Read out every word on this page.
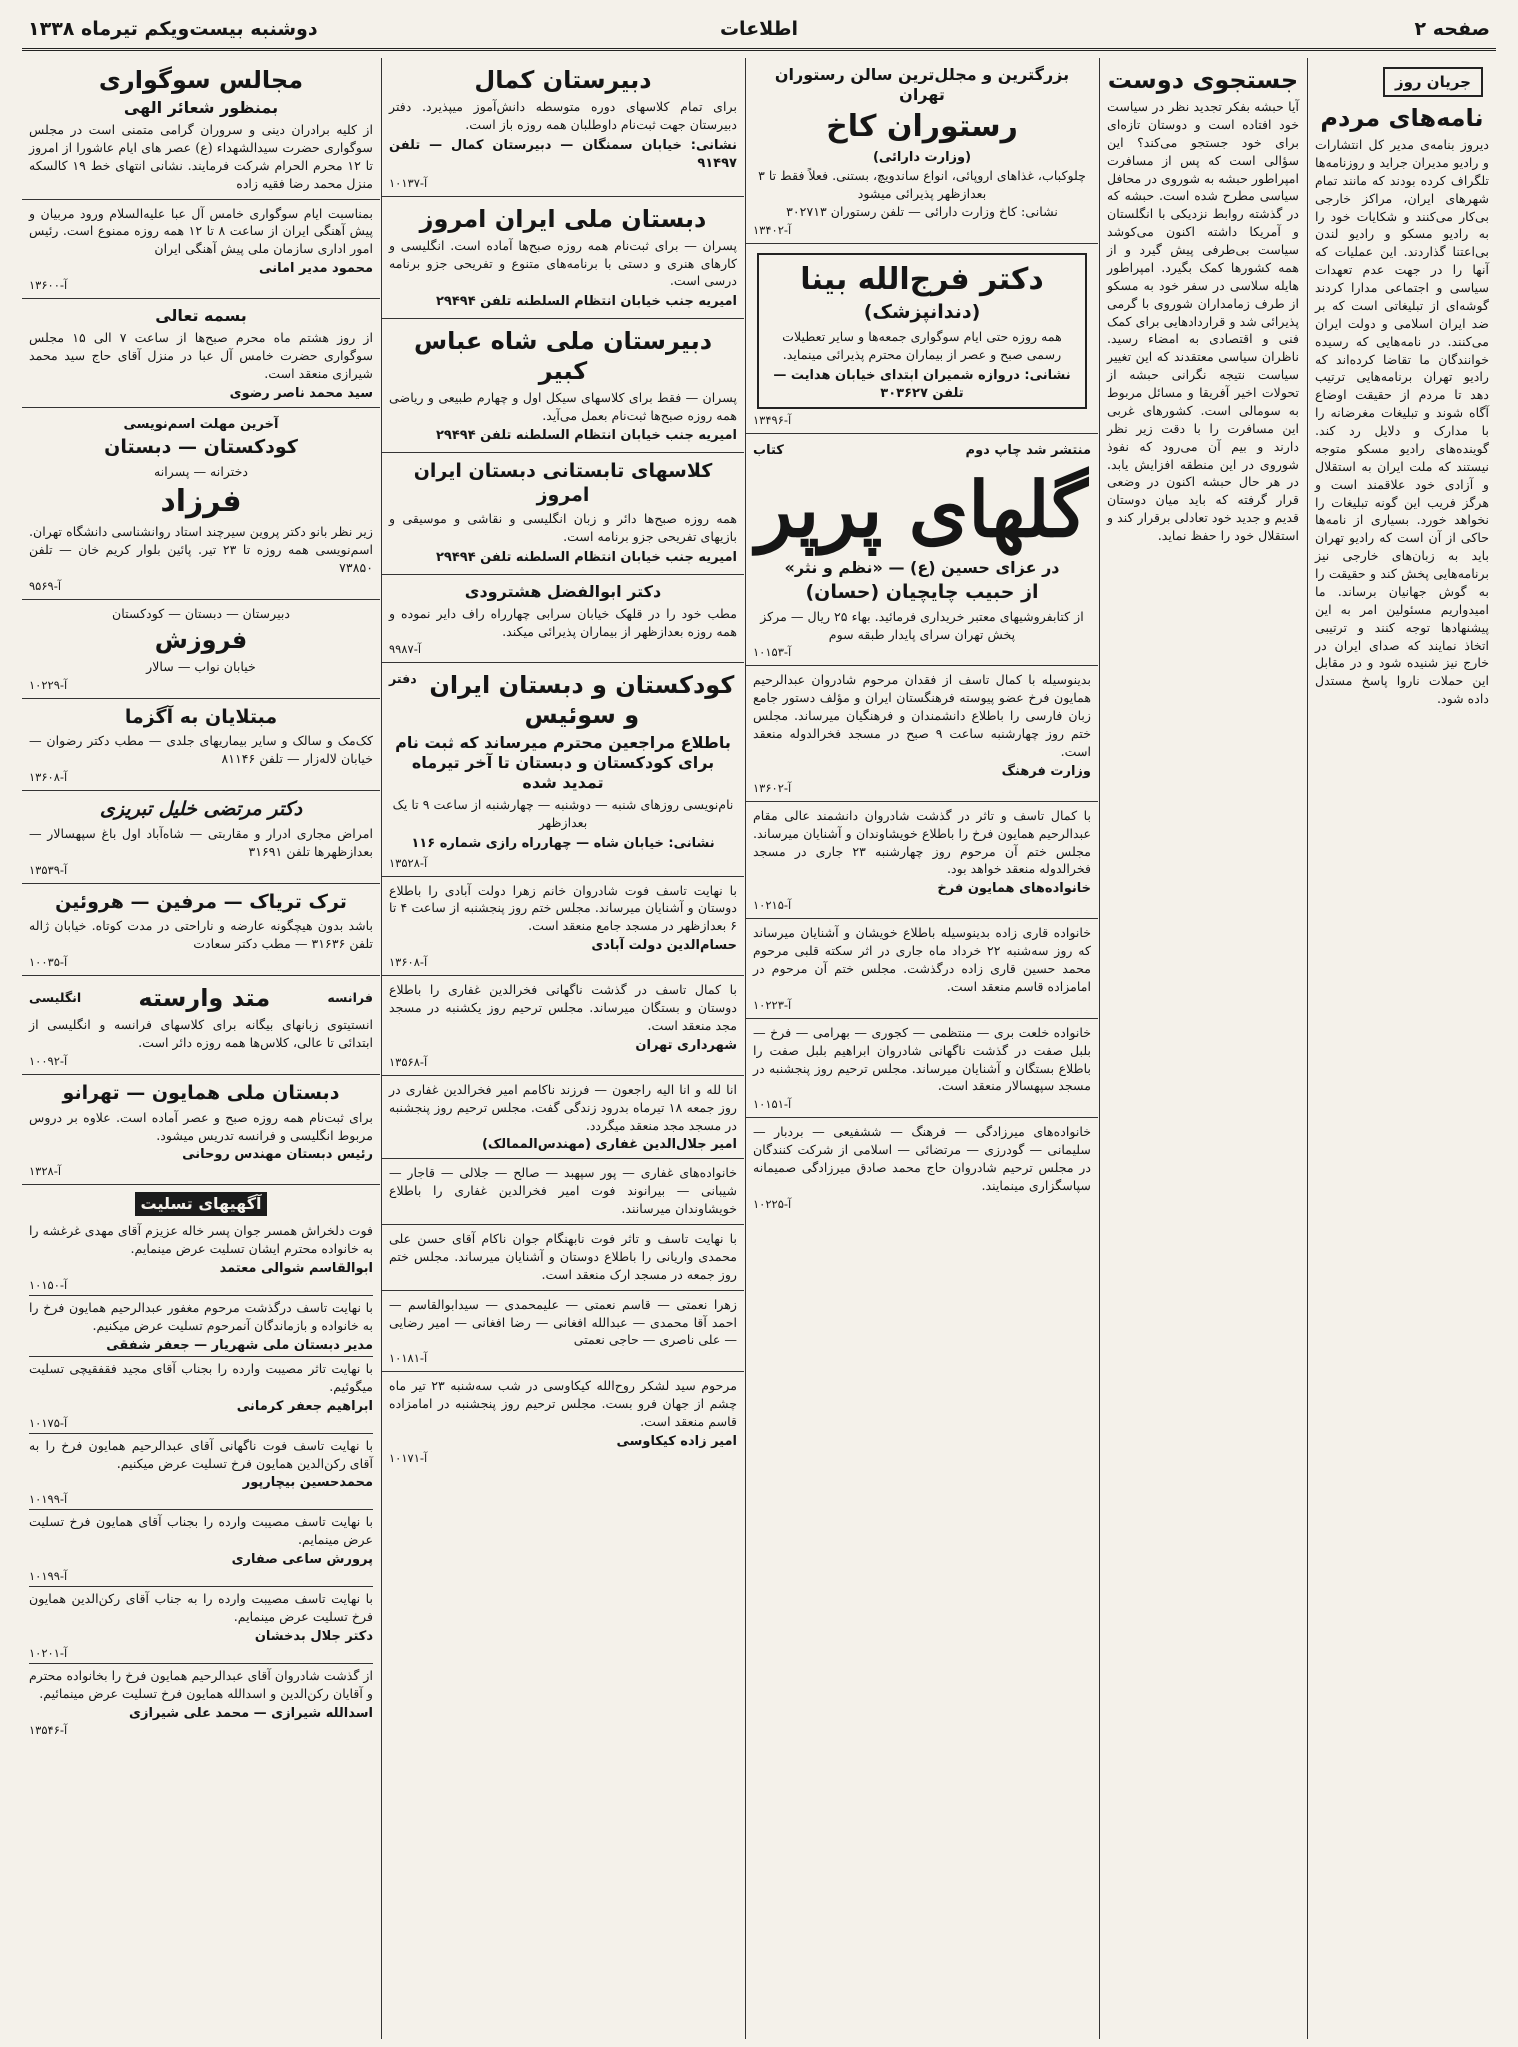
صفحه ۲
اطلاعات
دوشنبه بیست‌ویکم تیرماه ۱۳۳۸
جریان روز
نامه‌های مردم
دیروز بنامه‌ی مدیر کل انتشارات و رادیو مدیران جراید و روزنامه‌ها تلگراف کرده بودند که مانند تمام شهرهای ایران، مراکز خارجی بی‌کار می‌کنند و شکایات خود را به رادیو مسکو و رادیو لندن بی‌اعتنا گذاردند. این عملیات که آنها را در جهت عدم تعهدات سیاسی و اجتماعی مدارا کردند گوشه‌ای از تبلیغاتی است که بر ضد ایران اسلامی و دولت ایران می‌کنند. در نامه‌هایی که رسیده خوانندگان ما تقاضا کرده‌اند که رادیو تهران برنامه‌هایی ترتیب دهد تا مردم از حقیقت اوضاع آگاه شوند و تبلیغات مغرضانه را با مدارک و دلایل رد کند. گوینده‌های رادیو مسکو متوجه نیستند که ملت ایران به استقلال و آزادی خود علاقمند است و هرگز فریب این گونه تبلیغات را نخواهد خورد. بسیاری از نامه‌ها حاکی از آن است که رادیو تهران باید به زبان‌های خارجی نیز برنامه‌هایی پخش کند و حقیقت را به گوش جهانیان برساند. ما امیدواریم مسئولین امر به این پیشنهادها توجه کنند و ترتیبی اتخاذ نمایند که صدای ایران در خارج نیز شنیده شود و در مقابل این حملات ناروا پاسخ مستدل داده شود.
جستجوی دوست
آیا حبشه بفکر تجدید نظر در سیاست خود افتاده است و دوستان تازه‌ای برای خود جستجو می‌کند؟ این سؤالی است که پس از مسافرت امپراطور حبشه به شوروی در محافل سیاسی مطرح شده است. حبشه که در گذشته روابط نزدیکی با انگلستان و آمریکا داشته اکنون می‌کوشد سیاست بی‌طرفی پیش گیرد و از همه کشورها کمک بگیرد. امپراطور هایله سلاسی در سفر خود به مسکو از طرف زمامداران شوروی با گرمی پذیرائی شد و قراردادهایی برای کمک فنی و اقتصادی به امضاء رسید. ناظران سیاسی معتقدند که این تغییر سیاست نتیجه نگرانی حبشه از تحولات اخیر آفریقا و مسائل مربوط به سومالی است. کشورهای غربی این مسافرت را با دقت زیر نظر دارند و بیم آن می‌رود که نفوذ شوروی در این منطقه افزایش یابد. در هر حال حبشه اکنون در وضعی قرار گرفته که باید میان دوستان قدیم و جدید خود تعادلی برقرار کند و استقلال خود را حفظ نماید.
بزرگترین و مجلل‌ترین سالن رستوران تهران
رستوران کاخ
(وزارت دارائی)
چلوکباب، غذاهای اروپائی، انواع ساندویچ، بستنی. فعلاً فقط تا ۳ بعدازظهر پذیرائی میشود
نشانی: کاخ وزارت دارائی — تلفن رستوران ۳۰۲۷۱۳
آ-۱۳۴۰۲
دکتر فرج‌الله بینا
(دندانپزشک)
همه روزه حتی ایام سوگواری جمعه‌ها و سایر تعطیلات رسمی صبح و عصر از بیماران محترم پذیرائی مینماید.
نشانی: دروازه شمیران ابتدای خیابان هدایت — تلفن ۳۰۳۶۲۷
آ-۱۳۴۹۶
منتشر شد چاپ دوم
کتاب
گلهای پرپر
در عزای حسین (ع) — «نظم و نثر»
از حبیب چایچیان (حسان)
از کتابفروشیهای معتبر خریداری فرمائید. بهاء ۲۵ ریال — مرکز پخش تهران سرای پایدار طبقه سوم
آ-۱۰۱۵۳
بدینوسیله با کمال تاسف از فقدان مرحوم شادروان عبدالرحیم همایون فرخ عضو پیوسته فرهنگستان ایران و مؤلف دستور جامع زبان فارسی را باطلاع دانشمندان و فرهنگیان میرساند. مجلس ختم روز چهارشنبه ساعت ۹ صبح در مسجد فخرالدوله منعقد است.
وزارت فرهنگ
آ-۱۳۶۰۲
با کمال تاسف و تاثر در گذشت شادروان دانشمند عالی مقام عبدالرحیم همایون فرخ را باطلاع خویشاوندان و آشنایان میرساند. مجلس ختم آن مرحوم روز چهارشنبه ۲۳ جاری در مسجد فخرالدوله منعقد خواهد بود.
خانواده‌های همایون فرخ
آ-۱۰۲۱۵
خانواده قاری زاده بدینوسیله باطلاع خویشان و آشنایان میرساند که روز سه‌شنبه ۲۲ خرداد ماه جاری در اثر سکته قلبی مرحوم محمد حسین قاری زاده درگذشت. مجلس ختم آن مرحوم در امامزاده قاسم منعقد است.
آ-۱۰۲۲۳
خانواده خلعت بری — منتظمی — کجوری — بهرامی — فرخ — بلبل صفت در گذشت ناگهانی شادروان ابراهیم بلبل صفت را باطلاع بستگان و آشنایان میرساند. مجلس ترحیم روز پنجشنبه در مسجد سپهسالار منعقد است.
آ-۱۰۱۵۱
خانواده‌های میرزادگی — فرهنگ — ششفیعی — بردبار — سلیمانی — گودرزی — مرتضائی — اسلامی از شرکت کنندگان در مجلس ترحیم شادروان حاج محمد صادق میرزادگی صمیمانه سپاسگزاری مینمایند.
آ-۱۰۲۲۵
دبیرستان کمال
برای تمام کلاسهای دوره متوسطه دانش‌آموز میپذیرد. دفتر دبیرستان جهت ثبت‌نام داوطلبان همه روزه باز است.
نشانی: خیابان سمنگان — دبیرستان کمال — تلفن ۹۱۴۹۷
آ-۱۰۱۳۷
دبستان ملی ایران امروز
پسران — برای ثبت‌نام همه روزه صبح‌ها آماده است. انگلیسی و کارهای هنری و دستی با برنامه‌های متنوع و تفریحی جزو برنامه درسی است.
امیریه جنب خیابان انتظام السلطنه تلفن ۲۹۴۹۴
دبیرستان ملی شاه عباس کبیر
پسران — فقط برای کلاسهای سیکل اول و چهارم طبیعی و ریاضی همه روزه صبح‌ها ثبت‌نام بعمل می‌آید.
امیریه جنب خیابان انتظام السلطنه تلفن ۲۹۴۹۴
کلاسهای تابستانی دبستان ایران امروز
همه روزه صبح‌ها دائر و زبان انگلیسی و نقاشی و موسیقی و بازیهای تفریحی جزو برنامه است.
امیریه جنب خیابان انتظام السلطنه تلفن ۲۹۴۹۴
دکتر ابوالفضل هشترودی
مطب خود را در قلهک خیابان سرابی چهارراه راف دایر نموده و همه روزه بعدازظهر از بیماران پذیرائی میکند.
آ-۹۹۸۷
کودکستان و دبستان ایران و سوئیس
دفتر
باطلاع مراجعین محترم میرساند که ثبت نام برای کودکستان و دبستان تا آخر تیرماه تمدید شده
نام‌نویسی روزهای شنبه — دوشنبه — چهارشنبه از ساعت ۹ تا یک بعدازظهر
نشانی: خیابان شاه — چهارراه رازی شماره ۱۱۶
آ-۱۳۵۲۸
با نهایت تاسف فوت شادروان خانم زهرا دولت آبادی را باطلاع دوستان و آشنایان میرساند. مجلس ختم روز پنجشنبه از ساعت ۴ تا ۶ بعدازظهر در مسجد جامع منعقد است.
حسام‌الدین دولت آبادی
آ-۱۳۶۰۸
با کمال تاسف در گذشت ناگهانی فخرالدین غفاری را باطلاع دوستان و بستگان میرساند. مجلس ترحیم روز یکشنبه در مسجد مجد منعقد است.
شهرداری تهران
آ-۱۳۵۶۸
انا لله و انا الیه راجعون — فرزند ناکامم امیر فخرالدین غفاری در روز جمعه ۱۸ تیرماه بدرود زندگی گفت. مجلس ترحیم روز پنجشنبه در مسجد مجد منعقد میگردد.
امیر جلال‌الدین غفاری (مهندس‌الممالک)
خانواده‌های غفاری — پور سپهبد — صالح — جلالی — قاجار — شیبانی — بیرانوند فوت امیر فخرالدین غفاری را باطلاع خویشاوندان میرسانند.
با نهایت تاسف و تاثر فوت نابهنگام جوان ناکام آقای حسن علی محمدی واریانی را باطلاع دوستان و آشنایان میرساند. مجلس ختم روز جمعه در مسجد ارک منعقد است.
زهرا نعمتی — قاسم نعمتی — علیمحمدی — سیدابوالقاسم — احمد آقا محمدی — عبدالله افغانی — رضا افغانی — امیر رضایی — علی ناصری — حاجی نعمتی
آ-۱۰۱۸۱
مرحوم سید لشکر روح‌الله کیکاوسی در شب سه‌شنبه ۲۳ تیر ماه چشم از جهان فرو بست. مجلس ترحیم روز پنجشنبه در امامزاده قاسم منعقد است.
امیر زاده کیکاوسی
آ-۱۰۱۷۱
مجالس سوگواری
بمنظور شعائر الهی
از کلیه برادران دینی و سروران گرامی متمنی است در مجلس سوگواری حضرت سیدالشهداء (ع) عصر های ایام عاشورا از امروز تا ۱۲ محرم الحرام شرکت فرمایند. نشانی انتهای خط ۱۹ کالسکه منزل محمد رضا فقیه زاده
بمناسبت ایام سوگواری خامس آل عبا علیه‌السلام ورود مربیان و پیش آهنگی ایران از ساعت ۸ تا ۱۲ همه روزه ممنوع است. رئیس امور اداری سازمان ملی پیش آهنگی ایران
محمود مدیر امانی
آ-۱۳۶۰۰
بسمه تعالی
از روز هشتم ماه محرم صبح‌ها از ساعت ۷ الی ۱۵ مجلس سوگواری حضرت خامس آل عبا در منزل آقای حاج سید محمد شیرازی منعقد است.
سید محمد ناصر رضوی
آخرین مهلت اسم‌نویسی
کودکستان — دبستان
دخترانه — پسرانه
فرزاد
زیر نظر بانو دکتر پروین سیرچند استاد روانشناسی دانشگاه تهران. اسم‌نویسی همه روزه تا ۲۳ تیر. پائین بلوار کریم خان — تلفن ۷۳۸۵۰
آ-۹۵۶۹
دبیرستان — دبستان — کودکستان
فروزش
خیابان نواب — سالار
آ-۱۰۲۲۹
مبتلایان به آگزما
کک‌مک و سالک و سایر بیماریهای جلدی — مطب دکتر رضوان — خیابان لاله‌زار — تلفن ۸۱۱۴۶
آ-۱۳۶۰۸
دکتر مرتضی خلیل تبریزی
امراض مجاری ادرار و مقاربتی — شاه‌آباد اول باغ سپهسالار — بعدازظهرها تلفن ۳۱۶۹۱
آ-۱۳۵۳۹
ترک تریاک — مرفین — هروئین
باشد بدون هیچگونه عارضه و ناراحتی در مدت کوتاه. خیابان ژاله تلفن ۳۱۶۳۶ — مطب دکتر سعادت
آ-۱۰۰۳۵
فرانسه
متد وارسته
انگلیسی
انستیتوی زبانهای بیگانه برای کلاسهای فرانسه و انگلیسی از ابتدائی تا عالی، کلاس‌ها همه روزه دائر است.
آ-۱۰۰۹۲
دبستان ملی همایون — تهرانو
برای ثبت‌نام همه روزه صبح و عصر آماده است. علاوه بر دروس مربوط انگلیسی و فرانسه تدریس میشود.
رئیس دبستان مهندس روحانی
آ-۱۳۲۸
آگهیهای تسلیت
فوت دلخراش همسر جوان پسر خاله عزیزم آقای مهدی غرغشه را به خانواده محترم ایشان تسلیت عرض مینمایم.
ابوالقاسم شوالی معتمد
آ-۱۰۱۵۰
با نهایت تاسف درگذشت مرحوم مغفور عبدالرحیم همایون فرخ را به خانواده و بازماندگان آنمرحوم تسلیت عرض میکنیم.
مدیر دبستان ملی شهریار — جعفر شفقی
با نهایت تاثر مصیبت وارده را بجناب آقای مجید فقفقیچی تسلیت میگوئیم.
ابراهیم جعفر کرمانی
آ-۱۰۱۷۵
با نهایت تاسف فوت ناگهانی آقای عبدالرحیم همایون فرخ را به آقای رکن‌الدین همایون فرخ تسلیت عرض میکنیم.
محمدحسین بیچارپور
آ-۱۰۱۹۹
با نهایت تاسف مصیبت وارده را بجناب آقای همایون فرخ تسلیت عرض مینمایم.
پرورش ساعی صفاری
آ-۱۰۱۹۹
با نهایت تاسف مصیبت وارده را به جناب آقای رکن‌الدین همایون فرخ تسلیت عرض مینمایم.
دکتر جلال بدخشان
آ-۱۰۲۰۱
از گذشت شادروان آقای عبدالرحیم همایون فرخ را بخانواده محترم و آقایان رکن‌الدین و اسدالله همایون فرخ تسلیت عرض مینمائیم.
اسدالله شیرازی — محمد علی شیرازی
آ-۱۳۵۴۶
